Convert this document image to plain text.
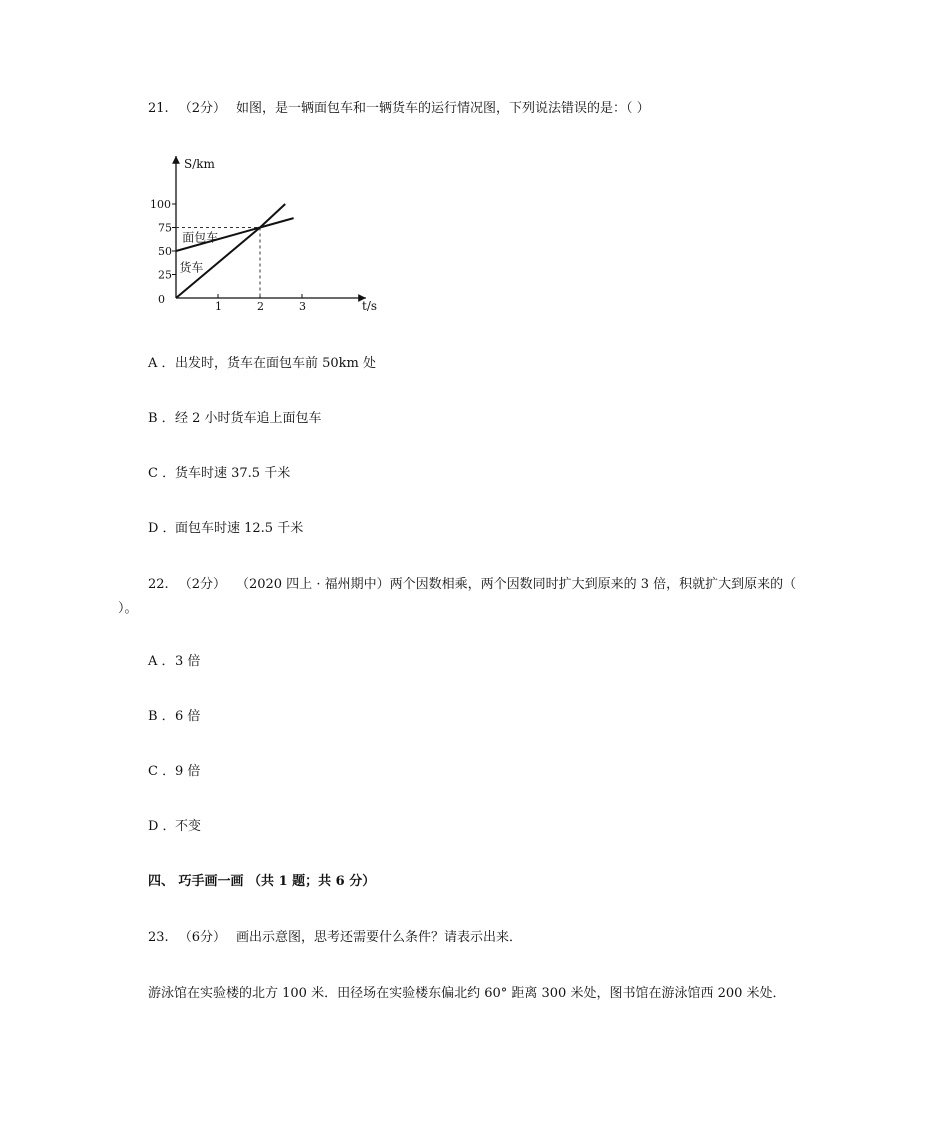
21. （2分） 如图，是一辆面包车和一辆货车的运行情况图，下列说法错误的是：（ ）
S/km
t/s
1	2	3
0
25
50
75
100
面包车
货车
A ．出发时，货车在面包车前 50km 处
B ．经 2 小时货车追上面包车
C ．货车时速 37.5 千米
D ．面包车时速 12.5 千米
22. （2分） （2020 四上 · 福州期中）两个因数相乘，两个因数同时扩大到原来的 3 倍，积就扩大到原来的（
）。
A ．3 倍
B ．6 倍
C ．9 倍
D ．不变
四、 巧手画一画 （共 1 题；共 6 分）
23. （6分） 画出示意图，思考还需要什么条件？请表示出来．
游泳馆在实验楼的北方 100 米．田径场在实验楼东偏北约 60° 距离 300 米处，图书馆在游泳馆西 200 米处．
